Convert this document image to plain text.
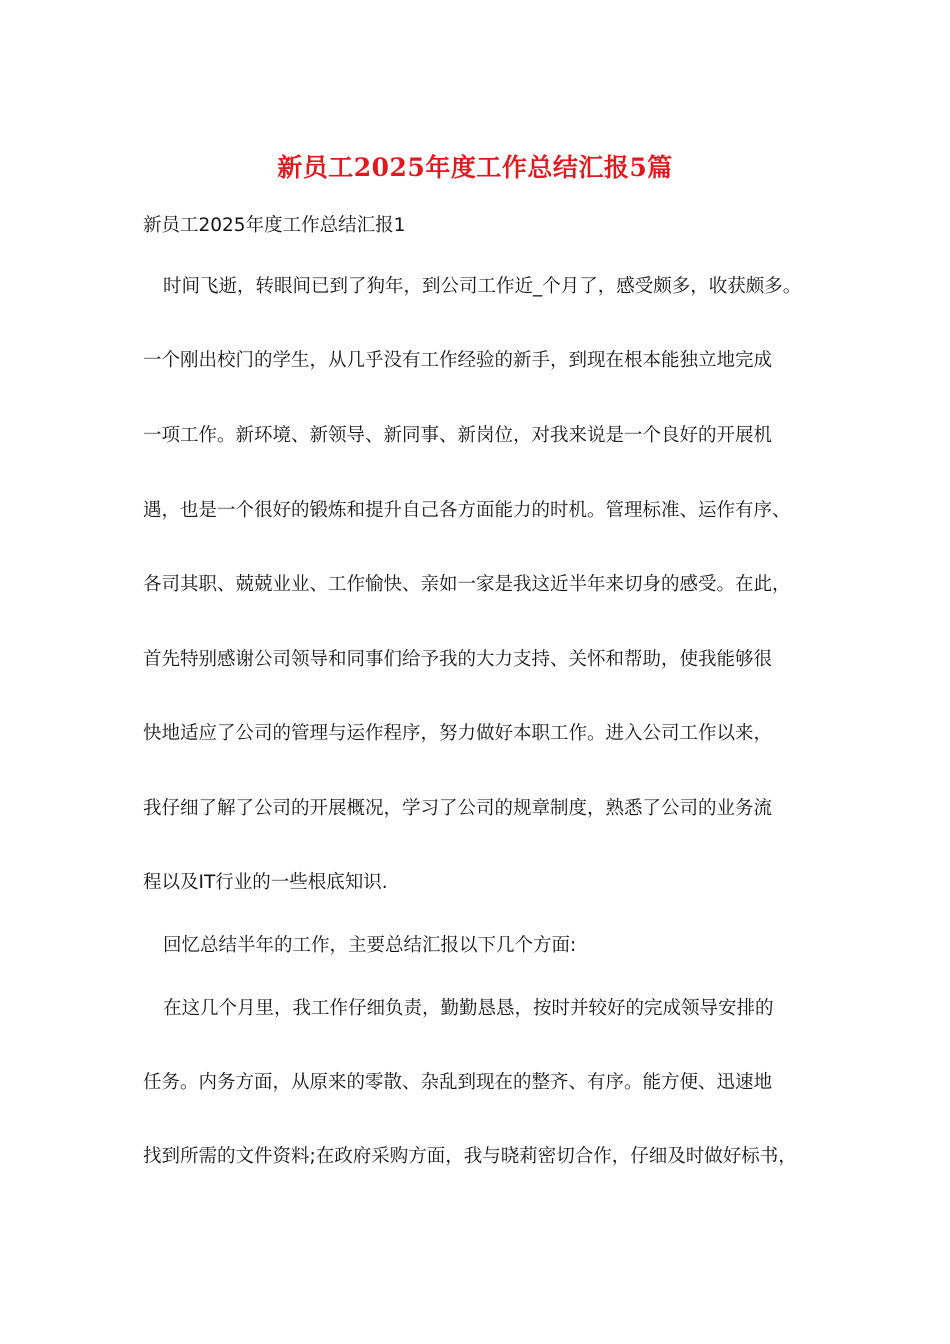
新员工2025年度工作总结汇报5篇
新员工2025年度工作总结汇报1
时间飞逝，转眼间已到了狗年，到公司工作近_个月了，感受颇多，收获颇多。
一个刚出校门的学生，从几乎没有工作经验的新手，到现在根本能独立地完成
一项工作。新环境、新领导、新同事、新岗位，对我来说是一个良好的开展机
遇，也是一个很好的锻炼和提升自己各方面能力的时机。管理标准、运作有序、
各司其职、兢兢业业、工作愉快、亲如一家是我这近半年来切身的感受。在此，
首先特别感谢公司领导和同事们给予我的大力支持、关怀和帮助，使我能够很
快地适应了公司的管理与运作程序，努力做好本职工作。进入公司工作以来，
我仔细了解了公司的开展概况，学习了公司的规章制度，熟悉了公司的业务流
程以及IT行业的一些根底知识.
回忆总结半年的工作，主要总结汇报以下几个方面:
在这几个月里，我工作仔细负责，勤勤恳恳，按时并较好的完成领导安排的
任务。内务方面，从原来的零散、杂乱到现在的整齐、有序。能方便、迅速地
找到所需的文件资料;在政府采购方面，我与晓莉密切合作，仔细及时做好标书，
